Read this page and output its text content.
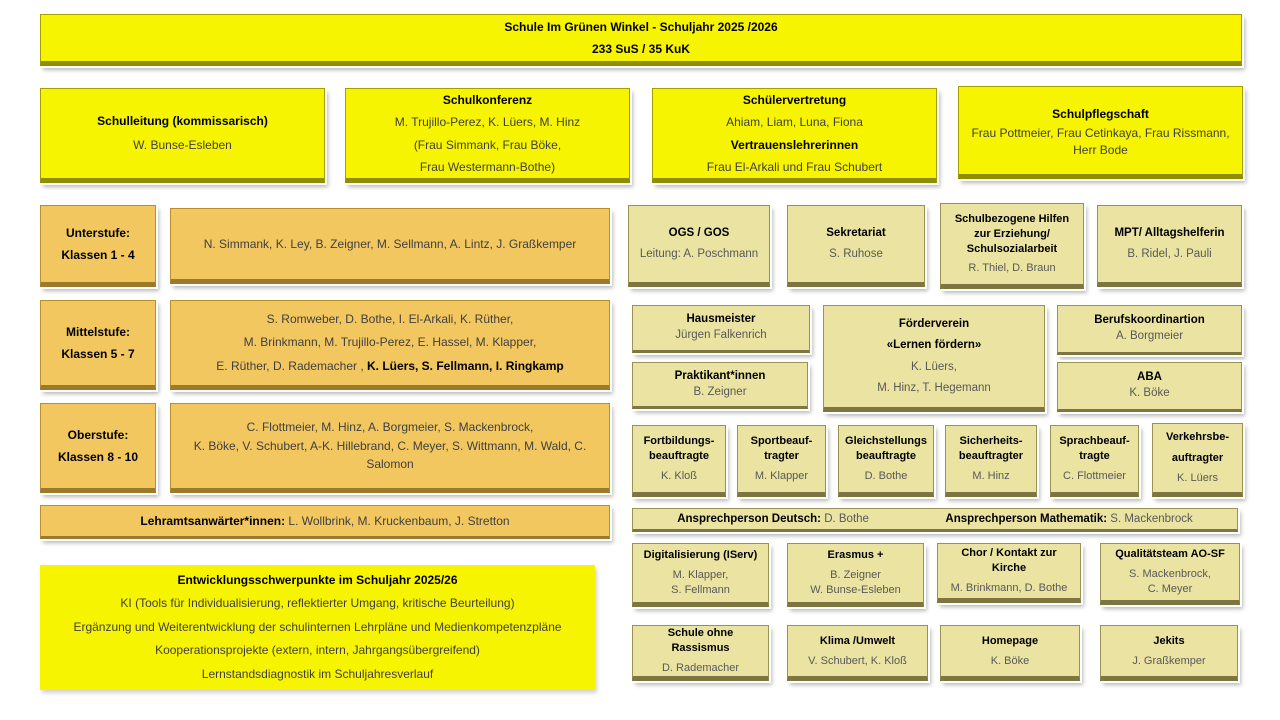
Schule Im Grünen Winkel - Schuljahr 2025 /2026
233 SuS / 35 KuK
Schulleitung (kommissarisch)
W. Bunse-Esleben
Schulkonferenz
M. Trujillo-Perez, K. Lüers, M. Hinz
(Frau Simmank, Frau Böke,
Frau Westermann-Bothe)
Schülervertretung
Ahiam, Liam, Luna, Fiona
Vertrauenslehrerinnen
Frau El-Arkali und Frau Schubert
Schulpflegschaft
Frau Pottmeier, Frau Cetinkaya, Frau Rissmann,
Herr Bode
Unterstufe:
Klassen 1 - 4
N. Simmank, K. Ley, B. Zeigner, M. Sellmann, A. Lintz, J. Graßkemper
Mittelstufe:
Klassen 5 - 7
S. Romweber, D. Bothe, I. El-Arkali, K. Rüther,
M. Brinkmann, M. Trujillo-Perez, E. Hassel, M. Klapper,
E. Rüther, D. Rademacher , K. Lüers, S. Fellmann, I. Ringkamp
Oberstufe:
Klassen 8 - 10
C. Flottmeier, M. Hinz, A. Borgmeier, S. Mackenbrock,
K. Böke, V. Schubert, A-K. Hillebrand, C. Meyer, S. Wittmann, M. Wald, C. Salomon
Lehramtsanwärter*innen: L. Wollbrink, M. Kruckenbaum, J. Stretton
Entwicklungsschwerpunkte im Schuljahr 2025/26
KI (Tools für Individualisierung, reflektierter Umgang, kritische Beurteilung)
Ergänzung und Weiterentwicklung der schulinternen Lehrpläne und Medienkompetenzpläne
Kooperationsprojekte (extern, intern, Jahrgangsübergreifend)
Lernstandsdiagnostik im Schuljahresverlauf
OGS / GOS
Leitung: A. Poschmann
Sekretariat
S. Ruhose
Schulbezogene Hilfen
zur Erziehung/
Schulsozialarbeit
R. Thiel, D. Braun
MPT/ Alltagshelferin
B. Ridel, J. Pauli
Hausmeister
Jürgen Falkenrich
Praktikant*innen
B. Zeigner
Förderverein
«Lernen fördern»
K. Lüers,
M. Hinz, T. Hegemann
Berufskoordinartion
A. Borgmeier
ABA
K. Böke
Fortbildungs-
beauftragte
K. Kloß
Sportbeauf-
tragter
M. Klapper
Gleichstellungs
beauftragte
D. Bothe
Sicherheits-
beauftragter
M. Hinz
Sprachbeauf-
tragte
C. Flottmeier
Verkehrsbe-
auftragter
K. Lüers
Ansprechperson Deutsch: D. Bothe	Ansprechperson Mathematik: S. Mackenbrock
Digitalisierung (IServ)
M. Klapper,
S. Fellmann
Erasmus +
B. Zeigner
W. Bunse-Esleben
Chor / Kontakt zur Kirche
M. Brinkmann, D. Bothe
Qualitätsteam AO-SF
S. Mackenbrock,
C. Meyer
Schule ohne Rassismus
D. Rademacher
Klima /Umwelt
V. Schubert, K. Kloß
Homepage
K. Böke
Jekits
J. Graßkemper
